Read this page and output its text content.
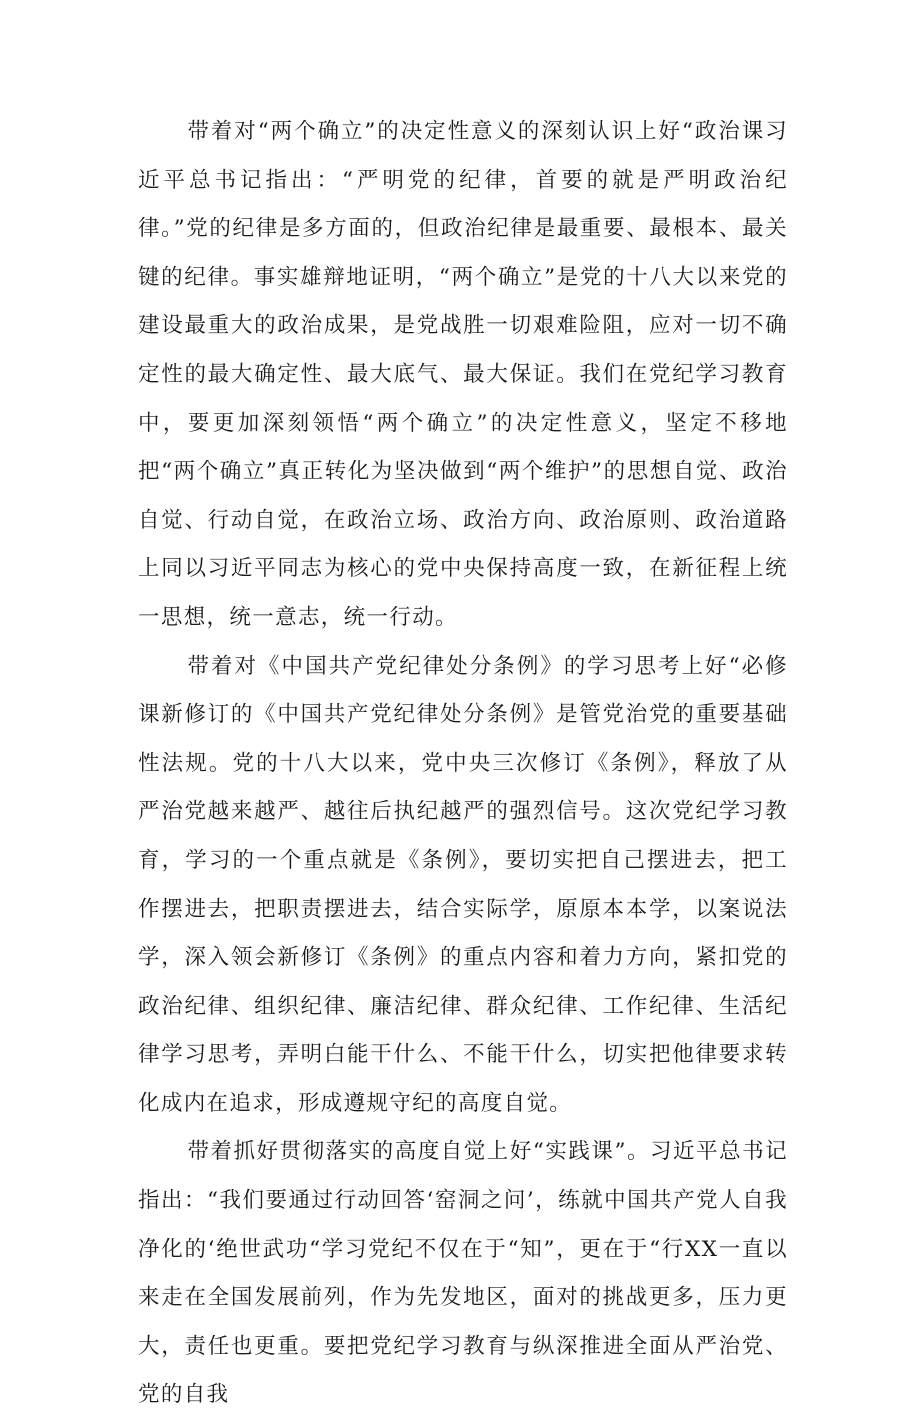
带着对“两个确立”的决定性意义的深刻认识上好“政治课习近平总书记指出：“严明党的纪律，首要的就是严明政治纪律。”党的纪律是多方面的，但政治纪律是最重要、最根本、最关键的纪律。事实雄辩地证明，“两个确立”是党的十八大以来党的建设最重大的政治成果，是党战胜一切艰难险阻，应对一切不确定性的最大确定性、最大底气、最大保证。我们在党纪学习教育中，要更加深刻领悟“两个确立”的决定性意义，坚定不移地把“两个确立”真正转化为坚决做到“两个维护”的思想自觉、政治自觉、行动自觉，在政治立场、政治方向、政治原则、政治道路上同以习近平同志为核心的党中央保持高度一致，在新征程上统一思想，统一意志，统一行动。

带着对《中国共产党纪律处分条例》的学习思考上好“必修课新修订的《中国共产党纪律处分条例》是管党治党的重要基础性法规。党的十八大以来，党中央三次修订《条例》，释放了从严治党越来越严、越往后执纪越严的强烈信号。这次党纪学习教育，学习的一个重点就是《条例》，要切实把自己摆进去，把工作摆进去，把职责摆进去，结合实际学，原原本本学，以案说法学，深入领会新修订《条例》的重点内容和着力方向，紧扣党的政治纪律、组织纪律、廉洁纪律、群众纪律、工作纪律、生活纪律学习思考，弄明白能干什么、不能干什么，切实把他律要求转化成内在追求，形成遵规守纪的高度自觉。

带着抓好贯彻落实的高度自觉上好“实践课”。习近平总书记指出：“我们要通过行动回答‘窑洞之问’，练就中国共产党人自我净化的‘绝世武功“学习党纪不仅在于“知”，更在于“行XX一直以来走在全国发展前列，作为先发地区，面对的挑战更多，压力更大，责任也更重。要把党纪学习教育与纵深推进全面从严治党、党的自我
